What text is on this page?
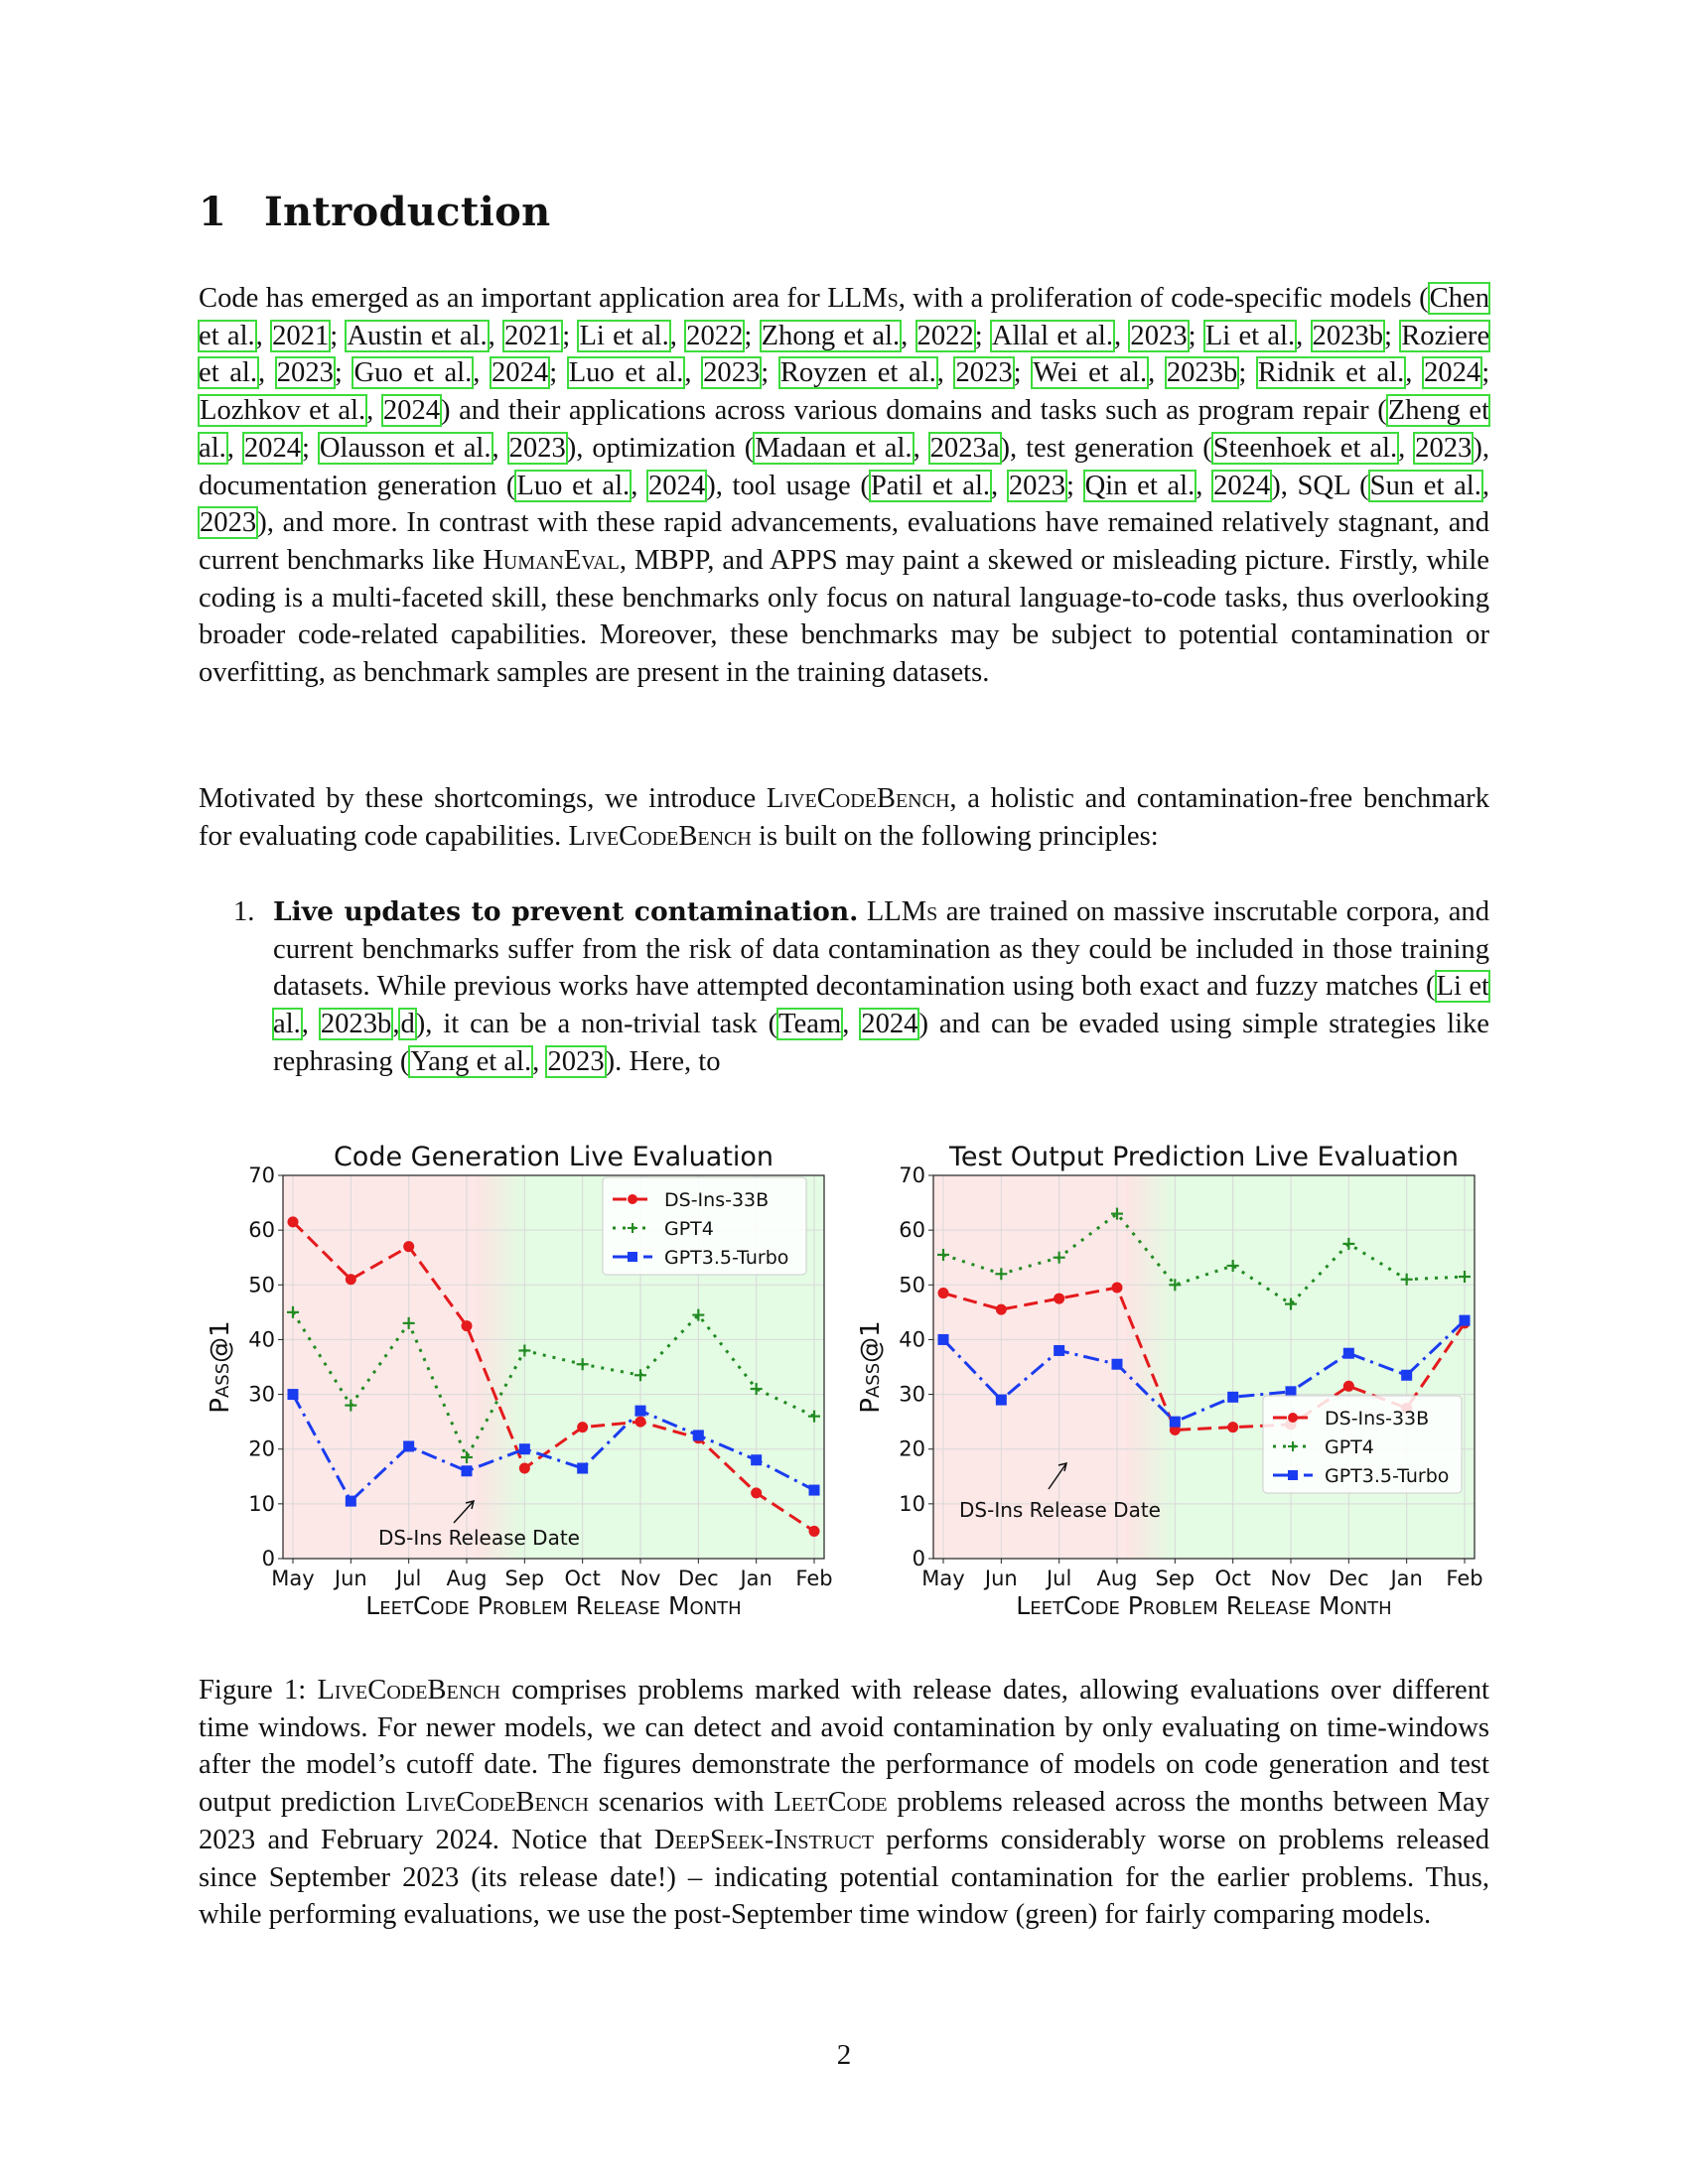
1 Introduction

Code has emerged as an important application area for LLMs, with a proliferation of code-specific models (Chen et al., 2021; Austin et al., 2021; Li et al., 2022; Zhong et al., 2022; Allal et al., 2023; Li et al., 2023b; Roziere et al., 2023; Guo et al., 2024; Luo et al., 2023; Royzen et al., 2023; Wei et al., 2023b; Ridnik et al., 2024; Lozhkov et al., 2024) and their applications across various domains and tasks such as program repair (Zheng et al., 2024; Olausson et al., 2023), optimization (Madaan et al., 2023a), test generation (Steenhoek et al., 2023), documentation generation (Luo et al., 2024), tool usage (Patil et al., 2023; Qin et al., 2024), SQL (Sun et al., 2023), and more. In contrast with these rapid advancements, evaluations have remained relatively stagnant, and current benchmarks like HumanEval, MBPP, and APPS may paint a skewed or misleading picture. Firstly, while coding is a multi-faceted skill, these benchmarks only focus on natural language-to-code tasks, thus overlooking broader code-related capabilities. Moreover, these benchmarks may be subject to potential contamination or overfitting, as benchmark samples are present in the training datasets.

Motivated by these shortcomings, we introduce LiveCodeBench, a holistic and contamination-free benchmark for evaluating code capabilities. LiveCodeBench is built on the following principles:

1. Live updates to prevent contamination. LLMs are trained on massive inscrutable corpora, and current benchmarks suffer from the risk of data contamination as they could be included in those training datasets. While previous works have attempted decontamination using both exact and fuzzy matches (Li et al., 2023b,d), it can be a non-trivial task (Team, 2024) and can be evaded using simple strategies like rephrasing (Yang et al., 2023). Here, to
0
10
20
30
40
50
60
70
May Jun Jul Aug Sep Oct Nov Dec Jan Feb
Code Generation Live Evaluation
LeetCode Problem Release Month
Pass@1
DS-Ins Release Date
DS-Ins-33B
GPT4
GPT3.5-Turbo
0
10
20
30
40
50
60
70
May Jun Jul Aug Sep Oct Nov Dec Jan Feb
Test Output Prediction Live Evaluation
LeetCode Problem Release Month
Pass@1
DS-Ins Release Date
DS-Ins-33B
GPT4
GPT3.5-Turbo

Figure 1: LiveCodeBench comprises problems marked with release dates, allowing evaluations over different time windows. For newer models, we can detect and avoid contamination by only evaluating on time-windows after the model’s cutoff date. The figures demonstrate the performance of models on code generation and test output prediction LiveCodeBench scenarios with LeetCode problems released across the months between May 2023 and February 2024. Notice that DeepSeek-Instruct performs considerably worse on problems released since September 2023 (its release date!) – indicating potential contamination for the earlier problems. Thus, while performing evaluations, we use the post-September time window (green) for fairly comparing models.

2
